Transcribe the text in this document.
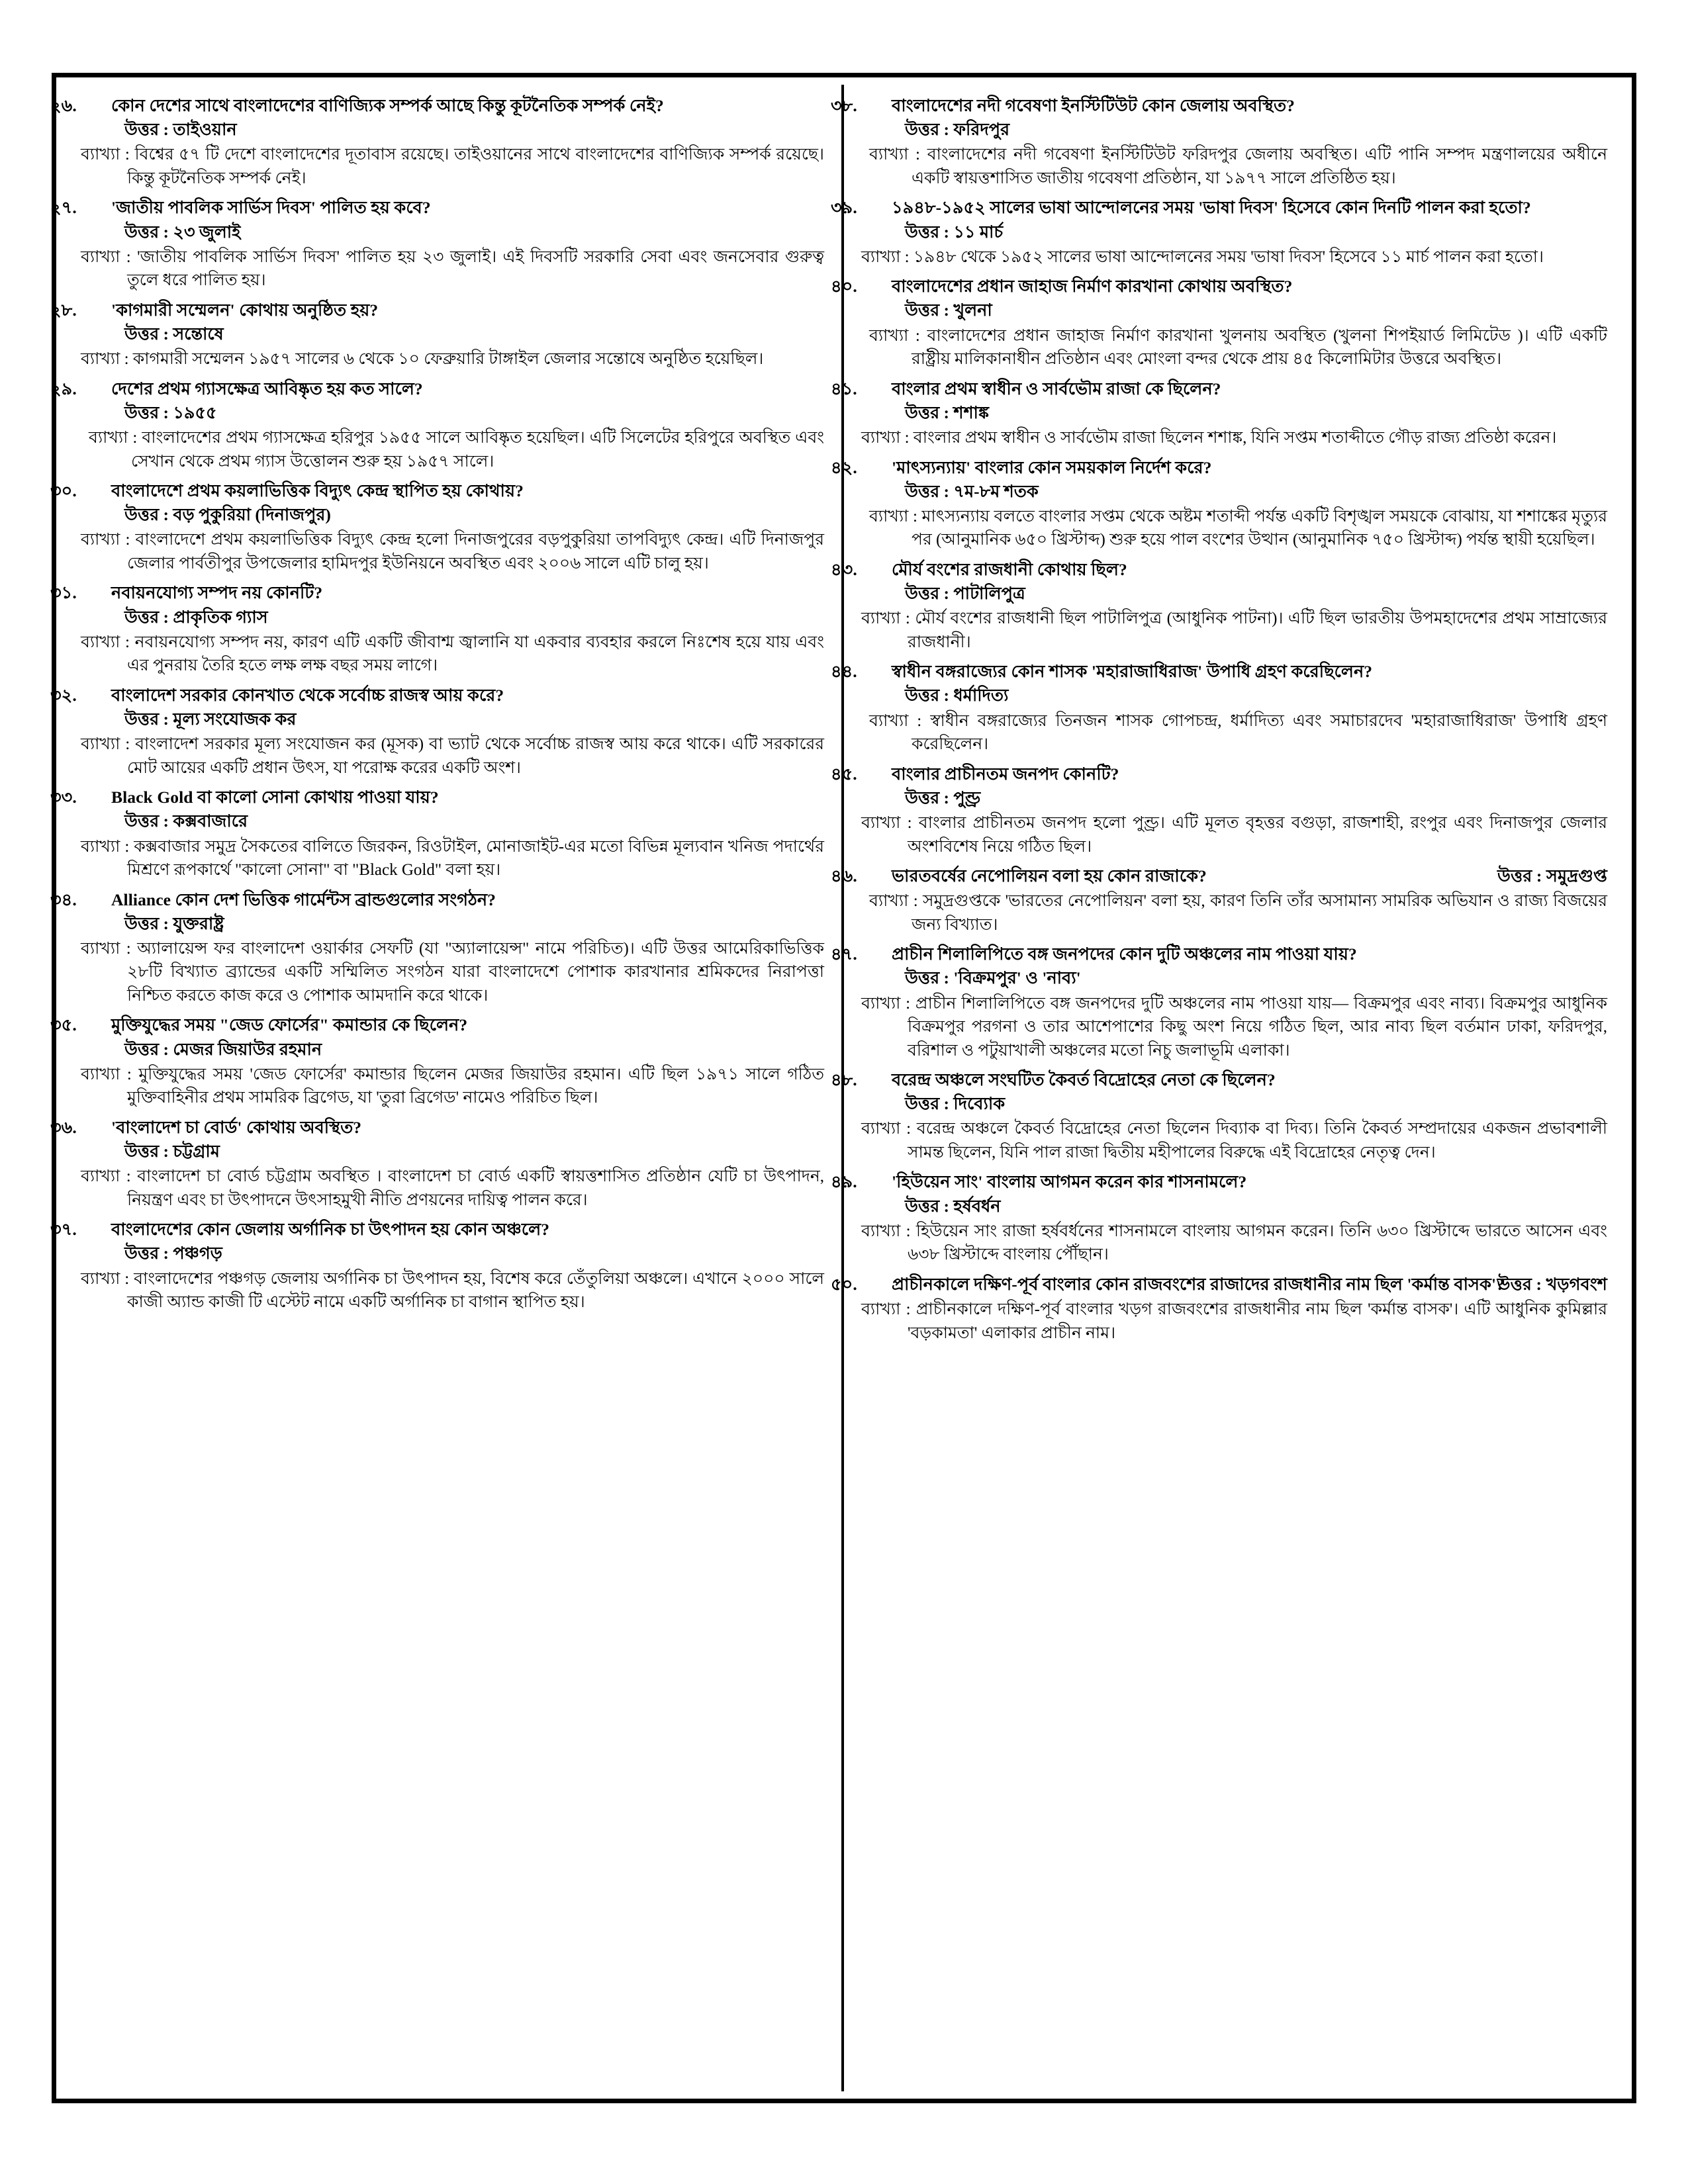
২৬. কোন দেশের সাথে বাংলাদেশের বাণিজ্যিক সম্পর্ক আছে কিন্তু কূটনৈতিক সম্পর্ক নেই?
উত্তর : তাইওয়ান
ব্যাখ্যা : বিশ্বের ৫৭ টি দেশে বাংলাদেশের দূতাবাস রয়েছে। তাইওয়ানের সাথে বাংলাদেশের বাণিজ্যিক সম্পর্ক রয়েছে। কিন্তু কূটনৈতিক সম্পর্ক নেই।
২৭. 'জাতীয় পাবলিক সার্ভিস দিবস' পালিত হয় কবে?
উত্তর : ২৩ জুলাই
ব্যাখ্যা : 'জাতীয় পাবলিক সার্ভিস দিবস' পালিত হয় ২৩ জুলাই। এই দিবসটি সরকারি সেবা এবং জনসেবার গুরুত্ব তুলে ধরে পালিত হয়।
২৮. 'কাগমারী সম্মেলন' কোথায় অনুষ্ঠিত হয়?
উত্তর : সন্তোষে
ব্যাখ্যা : কাগমারী সম্মেলন ১৯৫৭ সালের ৬ থেকে ১০ ফেব্রুয়ারি টাঙ্গাইল জেলার সন্তোষে অনুষ্ঠিত হয়েছিল।
২৯. দেশের প্রথম গ্যাসক্ষেত্র আবিষ্কৃত হয় কত সালে?
উত্তর : ১৯৫৫
ব্যাখ্যা : বাংলাদেশের প্রথম গ্যাসক্ষেত্র হরিপুর ১৯৫৫ সালে আবিষ্কৃত হয়েছিল। এটি সিলেটের হরিপুরে অবস্থিত এবং সেখান থেকে প্রথম গ্যাস উত্তোলন শুরু হয় ১৯৫৭ সালে।
৩০. বাংলাদেশে প্রথম কয়লাভিত্তিক বিদ্যুৎ কেন্দ্র স্থাপিত হয় কোথায়?
উত্তর : বড় পুকুরিয়া (দিনাজপুর)
ব্যাখ্যা : বাংলাদেশে প্রথম কয়লাভিত্তিক বিদ্যুৎ কেন্দ্র হলো দিনাজপুরের বড়পুকুরিয়া তাপবিদ্যুৎ কেন্দ্র। এটি দিনাজপুর জেলার পার্বতীপুর উপজেলার হামিদপুর ইউনিয়নে অবস্থিত এবং ২০০৬ সালে এটি চালু হয়।
৩১. নবায়নযোগ্য সম্পদ নয় কোনটি?
উত্তর : প্রাকৃতিক গ্যাস
ব্যাখ্যা : নবায়নযোগ্য সম্পদ নয়, কারণ এটি একটি জীবাশ্ম জ্বালানি যা একবার ব্যবহার করলে নিঃশেষ হয়ে যায় এবং এর পুনরায় তৈরি হতে লক্ষ লক্ষ বছর সময় লাগে।
৩২. বাংলাদেশ সরকার কোনখাত থেকে সর্বোচ্চ রাজস্ব আয় করে?
উত্তর : মূল্য সংযোজক কর
ব্যাখ্যা : বাংলাদেশ সরকার মূল্য সংযোজন কর (মূসক) বা ভ্যাট থেকে সর্বোচ্চ রাজস্ব আয় করে থাকে। এটি সরকারের মোট আয়ের একটি প্রধান উৎস, যা পরোক্ষ করের একটি অংশ।
৩৩. Black Gold বা কালো সোনা কোথায় পাওয়া যায়?
উত্তর : কক্সবাজারে
ব্যাখ্যা : কক্সবাজার সমুদ্র সৈকতের বালিতে জিরকন, রিওটাইল, মোনাজাইট-এর মতো বিভিন্ন মূল্যবান খনিজ পদার্থের মিশ্রণে রূপকার্থে "কালো সোনা" বা "Black Gold" বলা হয়।
৩৪. Alliance কোন দেশ ভিত্তিক গার্মেন্টস ব্রান্ডগুলোর সংগঠন?
উত্তর : যুক্তরাষ্ট্র
ব্যাখ্যা : অ্যালায়েন্স ফর বাংলাদেশ ওয়ার্কার সেফটি (যা "অ্যালায়েন্স" নামে পরিচিত)। এটি উত্তর আমেরিকাভিত্তিক ২৮টি বিখ্যাত ব্র্যান্ডের একটি সম্মিলিত সংগঠন যারা বাংলাদেশে পোশাক কারখানার শ্রমিকদের নিরাপত্তা নিশ্চিত করতে কাজ করে ও পোশাক আমদানি করে থাকে।
৩৫. মুক্তিযুদ্ধের সময় "জেড ফোর্সের" কমান্ডার কে ছিলেন?
উত্তর : মেজর জিয়াউর রহমান
ব্যাখ্যা : মুক্তিযুদ্ধের সময় 'জেড ফোর্সের' কমান্ডার ছিলেন মেজর জিয়াউর রহমান। এটি ছিল ১৯৭১ সালে গঠিত মুক্তিবাহিনীর প্রথম সামরিক ব্রিগেড, যা 'তুরা ব্রিগেড' নামেও পরিচিত ছিল।
৩৬. 'বাংলাদেশ চা বোর্ড' কোথায় অবস্থিত?
উত্তর : চট্টগ্রাম
ব্যাখ্যা : বাংলাদেশ চা বোর্ড চট্টগ্রাম অবস্থিত । বাংলাদেশ চা বোর্ড একটি স্বায়ত্তশাসিত প্রতিষ্ঠান যেটি চা উৎপাদন, নিয়ন্ত্রণ এবং চা উৎপাদনে উৎসাহমুখী নীতি প্রণয়নের দায়িত্ব পালন করে।
৩৭. বাংলাদেশের কোন জেলায় অর্গানিক চা উৎপাদন হয় কোন অঞ্চলে?
উত্তর : পঞ্চগড়
ব্যাখ্যা : বাংলাদেশের পঞ্চগড় জেলায় অর্গানিক চা উৎপাদন হয়, বিশেষ করে তেঁতুলিয়া অঞ্চলে। এখানে ২০০০ সালে কাজী অ্যান্ড কাজী টি এস্টেট নামে একটি অর্গানিক চা বাগান স্থাপিত হয়।
৩৮. বাংলাদেশের নদী গবেষণা ইনস্টিটিউট কোন জেলায় অবস্থিত?
উত্তর : ফরিদপুর
ব্যাখ্যা : বাংলাদেশের নদী গবেষণা ইনস্টিটিউট ফরিদপুর জেলায় অবস্থিত। এটি পানি সম্পদ মন্ত্রণালয়ের অধীনে একটি স্বায়ত্তশাসিত জাতীয় গবেষণা প্রতিষ্ঠান, যা ১৯৭৭ সালে প্রতিষ্ঠিত হয়।
৩৯. ১৯৪৮-১৯৫২ সালের ভাষা আন্দোলনের সময় 'ভাষা দিবস' হিসেবে কোন দিনটি পালন করা হতো?
উত্তর : ১১ মার্চ
ব্যাখ্যা : ১৯৪৮ থেকে ১৯৫২ সালের ভাষা আন্দোলনের সময় 'ভাষা দিবস' হিসেবে ১১ মার্চ পালন করা হতো।
৪০. বাংলাদেশের প্রধান জাহাজ নির্মাণ কারখানা কোথায় অবস্থিত?
উত্তর : খুলনা
ব্যাখ্যা : বাংলাদেশের প্রধান জাহাজ নির্মাণ কারখানা খুলনায় অবস্থিত (খুলনা শিপইয়ার্ড লিমিটেড )। এটি একটি রাষ্ট্রীয় মালিকানাধীন প্রতিষ্ঠান এবং মোংলা বন্দর থেকে প্রায় ৪৫ কিলোমিটার উত্তরে অবস্থিত।
৪১. বাংলার প্রথম স্বাধীন ও সার্বভৌম রাজা কে ছিলেন?
উত্তর : শশাঙ্ক
ব্যাখ্যা : বাংলার প্রথম স্বাধীন ও সার্বভৌম রাজা ছিলেন শশাঙ্ক, যিনি সপ্তম শতাব্দীতে গৌড় রাজ্য প্রতিষ্ঠা করেন।
৪২. 'মাৎস্যন্যায়' বাংলার কোন সময়কাল নির্দেশ করে?
উত্তর : ৭ম-৮ম শতক
ব্যাখ্যা : মাৎস্যন্যায় বলতে বাংলার সপ্তম থেকে অষ্টম শতাব্দী পর্যন্ত একটি বিশৃঙ্খল সময়কে বোঝায়, যা শশাঙ্কের মৃত্যুর পর (আনুমানিক ৬৫০ খ্রিস্টাব্দ) শুরু হয়ে পাল বংশের উত্থান (আনুমানিক ৭৫০ খ্রিস্টাব্দ) পর্যন্ত স্থায়ী হয়েছিল।
৪৩. মৌর্য বংশের রাজধানী কোথায় ছিল?
উত্তর : পাটালিপুত্র
ব্যাখ্যা : মৌর্য বংশের রাজধানী ছিল পাটালিপুত্র (আধুনিক পাটনা)। এটি ছিল ভারতীয় উপমহাদেশের প্রথম সাম্রাজ্যের রাজধানী।
৪৪. স্বাধীন বঙ্গরাজ্যের কোন শাসক 'মহারাজাধিরাজ' উপাধি গ্রহণ করেছিলেন?
উত্তর : ধর্মাদিত্য
ব্যাখ্যা : স্বাধীন বঙ্গরাজ্যের তিনজন শাসক গোপচন্দ্র, ধর্মাদিত্য এবং সমাচারদেব 'মহারাজাধিরাজ' উপাধি গ্রহণ করেছিলেন।
৪৫. বাংলার প্রাচীনতম জনপদ কোনটি?
উত্তর : পুণ্ড্র
ব্যাখ্যা : বাংলার প্রাচীনতম জনপদ হলো পুণ্ড্র। এটি মূলত বৃহত্তর বগুড়া, রাজশাহী, রংপুর এবং দিনাজপুর জেলার অংশবিশেষ নিয়ে গঠিত ছিল।
উত্তর : সমুদ্রগুপ্ত
৪৬. ভারতবর্ষের নেপোলিয়ন বলা হয় কোন রাজাকে?
ব্যাখ্যা : সমুদ্রগুপ্তকে 'ভারতের নেপোলিয়ন' বলা হয়, কারণ তিনি তাঁর অসামান্য সামরিক অভিযান ও রাজ্য বিজয়ের জন্য বিখ্যাত।
৪৭. প্রাচীন শিলালিপিতে বঙ্গ জনপদের কোন দুটি অঞ্চলের নাম পাওয়া যায়?
উত্তর : 'বিক্রমপুর' ও 'নাব্য'
ব্যাখ্যা : প্রাচীন শিলালিপিতে বঙ্গ জনপদের দুটি অঞ্চলের নাম পাওয়া যায়— বিক্রমপুর এবং নাব্য। বিক্রমপুর আধুনিক বিক্রমপুর পরগনা ও তার আশেপাশের কিছু অংশ নিয়ে গঠিত ছিল, আর নাব্য ছিল বর্তমান ঢাকা, ফরিদপুর, বরিশাল ও পটুয়াখালী অঞ্চলের মতো নিচু জলাভূমি এলাকা।
৪৮. বরেন্দ্র অঞ্চলে সংঘটিত কৈবর্ত বিদ্রোহের নেতা কে ছিলেন?
উত্তর : দিব্যোক
ব্যাখ্যা : বরেন্দ্র অঞ্চলে কৈবর্ত বিদ্রোহের নেতা ছিলেন দিব্যাক বা দিব্য। তিনি কৈবর্ত সম্প্রদায়ের একজন প্রভাবশালী সামন্ত ছিলেন, যিনি পাল রাজা দ্বিতীয় মহীপালের বিরুদ্ধে এই বিদ্রোহের নেতৃত্ব দেন।
৪৯. 'হিউয়েন সাং' বাংলায় আগমন করেন কার শাসনামলে?
উত্তর : হর্ষবর্ধন
ব্যাখ্যা : হিউয়েন সাং রাজা হর্ষবর্ধনের শাসনামলে বাংলায় আগমন করেন। তিনি ৬৩০ খ্রিস্টাব্দে ভারতে আসেন এবং ৬৩৮ খ্রিস্টাব্দে বাংলায় পৌঁছান।
উত্তর : খড়গবংশ
৫০. প্রাচীনকালে দক্ষিণ-পূর্ব বাংলার কোন রাজবংশের রাজাদের রাজধানীর নাম ছিল 'কর্মান্ত বাসক'?
ব্যাখ্যা : প্রাচীনকালে দক্ষিণ-পূর্ব বাংলার খড়গ রাজবংশের রাজধানীর নাম ছিল 'কর্মান্ত বাসক'। এটি আধুনিক কুমিল্লার 'বড়কামতা' এলাকার প্রাচীন নাম।
